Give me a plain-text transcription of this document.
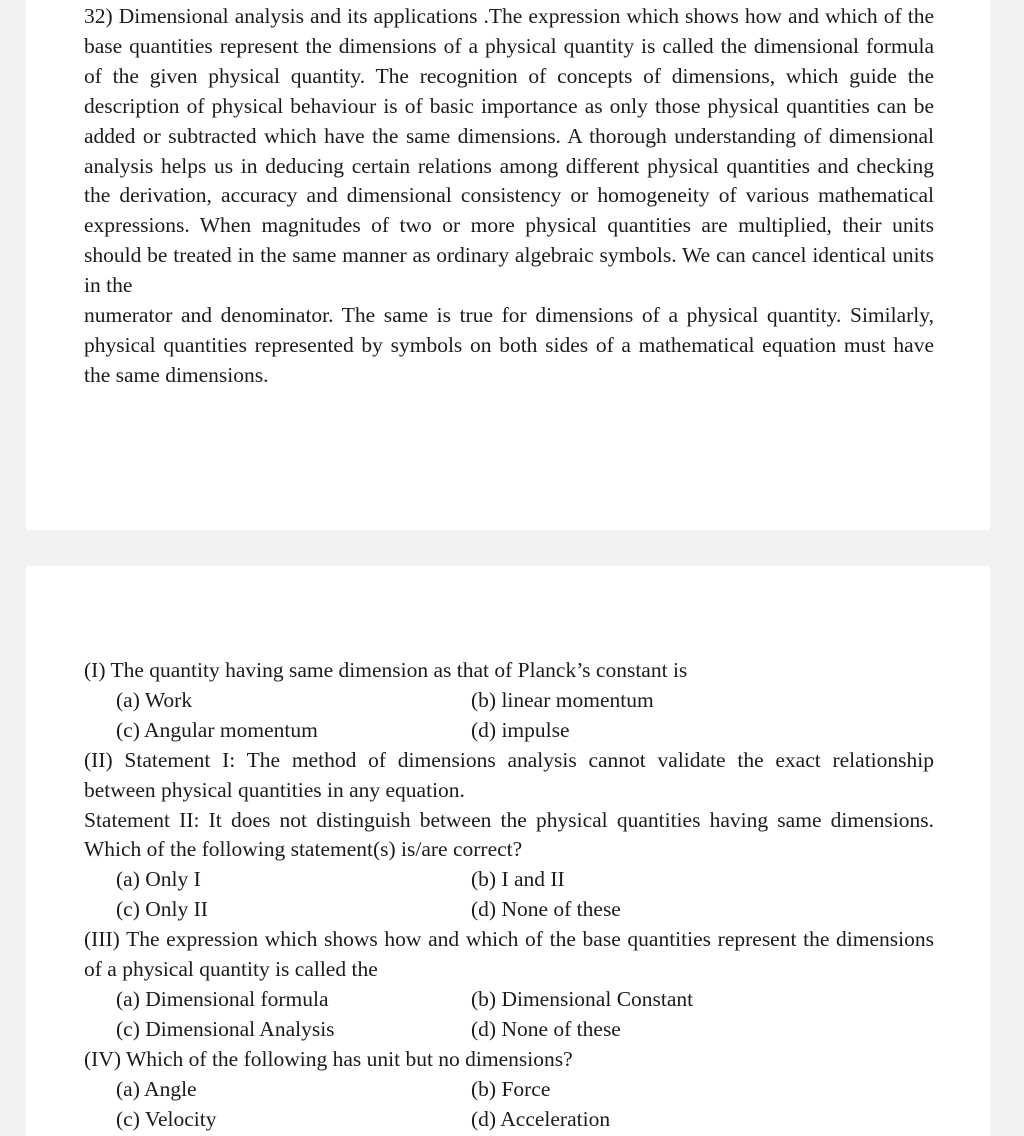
32) Dimensional analysis and its applications .The expression which shows how and which of the base quantities represent the dimensions of a physical quantity is called the dimensional formula of the given physical quantity. The recognition of concepts of dimensions, which guide the description of physical behaviour is of basic importance as only those physical quantities can be added or subtracted which have the same dimensions. A thorough understanding of dimensional analysis helps us in deducing certain relations among different physical quantities and checking the derivation, accuracy and dimensional consistency or homogeneity of various mathematical expressions. When magnitudes of two or more physical quantities are multiplied, their units should be treated in the same manner as ordinary algebraic symbols. We can cancel identical units in the
numerator and denominator. The same is true for dimensions of a physical quantity. Similarly, physical quantities represented by symbols on both sides of a mathematical equation must have the same dimensions.

(I) The quantity having same dimension as that of Planck’s constant is

(a) Work	(b) linear momentum
(c) Angular momentum	(d) impulse

(II) Statement I: The method of dimensions analysis cannot validate the exact relationship between physical quantities in any equation.

Statement II: It does not distinguish between the physical quantities having same dimensions. Which of the following statement(s) is/are correct?

(a) Only I	(b) I and II
(c) Only II	(d) None of these

(III) The expression which shows how and which of the base quantities represent the dimensions of a physical quantity is called the

(a) Dimensional formula	(b) Dimensional Constant
(c) Dimensional Analysis	(d) None of these

(IV) Which of the following has unit but no dimensions?

(a) Angle	(b) Force
(c) Velocity	(d) Acceleration
